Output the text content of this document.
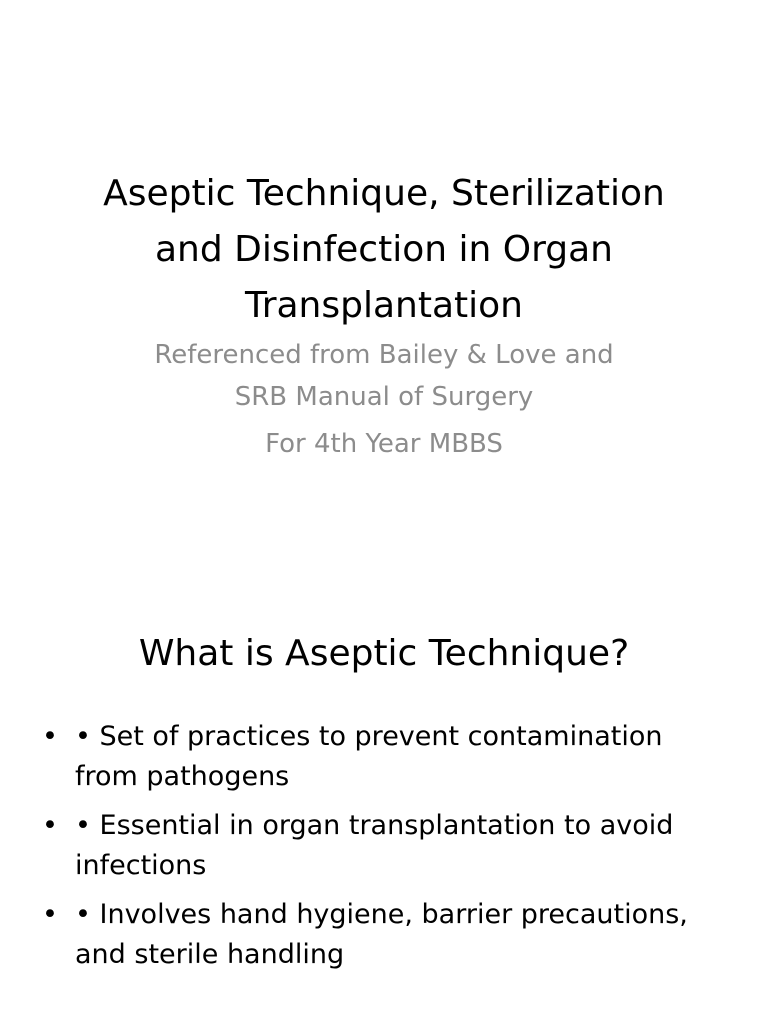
Aseptic Technique, Sterilization
and Disinfection in Organ
Transplantation
Referenced from Bailey & Love and
SRB Manual of Surgery
For 4th Year MBBS
What is Aseptic Technique?
• • Set of practices to prevent contamination from pathogens
• • Essential in organ transplantation to avoid infections
• • Involves hand hygiene, barrier precautions, and sterile handling
